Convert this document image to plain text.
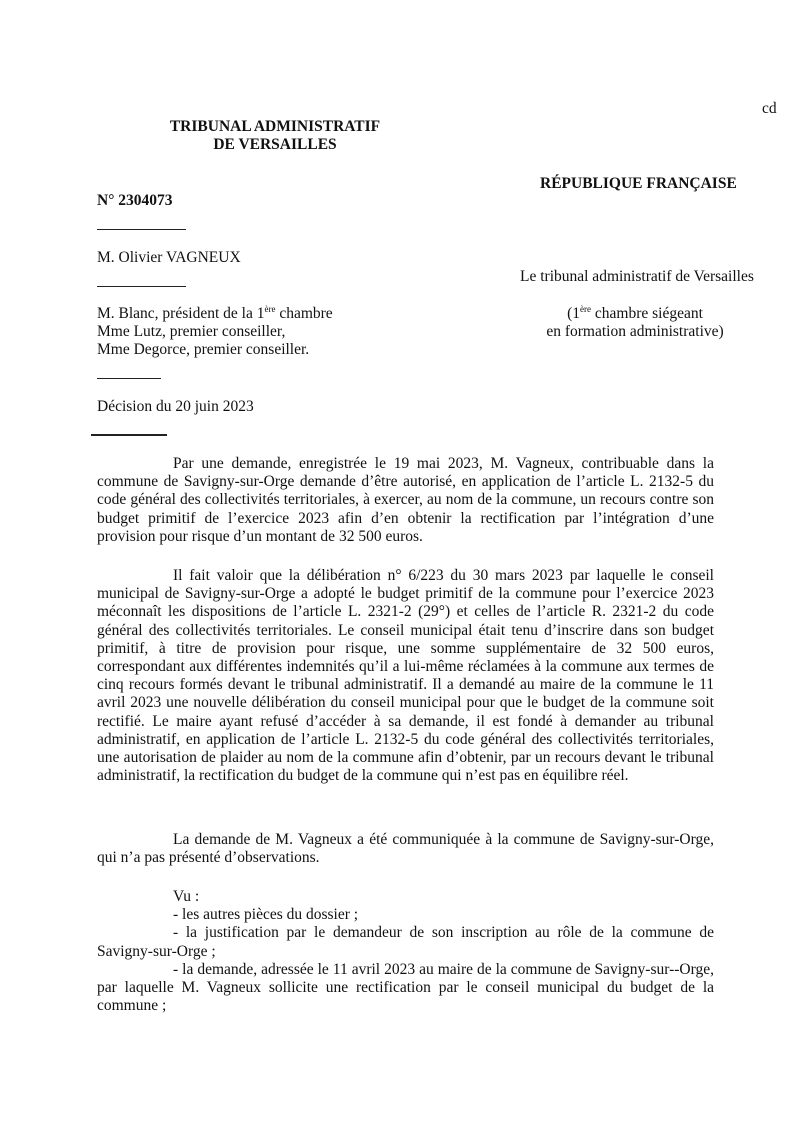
cd
TRIBUNAL ADMINISTRATIF
DE VERSAILLES
RÉPUBLIQUE FRANÇAISE
N° 2304073
M. Olivier VAGNEUX
Le tribunal administratif de Versailles
M. Blanc, président de la 1ère chambre
Mme Lutz, premier conseiller,
Mme Degorce, premier conseiller.
(1ère chambre siégeant
en formation administrative)
Décision du 20 juin 2023

Par une demande, enregistrée le 19 mai 2023, M. Vagneux, contribuable dans la commune de Savigny-sur-Orge demande d’être autorisé, en application de l’article L. 2132-5 du code général des collectivités territoriales, à exercer, au nom de la commune, un recours contre son budget primitif de l’exercice 2023 afin d’en obtenir la rectification par l’intégration d’une provision pour risque d’un montant de 32 500 euros.

Il fait valoir que la délibération n° 6/223 du 30 mars 2023 par laquelle le conseil municipal de Savigny-sur-Orge a adopté le budget primitif de la commune pour l’exercice 2023 méconnaît les dispositions de l’article L. 2321-2 (29°) et celles de l’article R. 2321-2 du code général des collectivités territoriales. Le conseil municipal était tenu d’inscrire dans son budget primitif, à titre de provision pour risque, une somme supplémentaire de 32 500 euros, correspondant aux différentes indemnités qu’il a lui-même réclamées à la commune aux termes de cinq recours formés devant le tribunal administratif. Il a demandé au maire de la commune le 11 avril 2023 une nouvelle délibération du conseil municipal pour que le budget de la commune soit rectifié. Le maire ayant refusé d’accéder à sa demande, il est fondé à demander au tribunal administratif, en application de l’article L. 2132-5 du code général des collectivités territoriales, une autorisation de plaider au nom de la commune afin d’obtenir, par un recours devant le tribunal administratif, la rectification du budget de la commune qui n’est pas en équilibre réel.

La demande de M. Vagneux a été communiquée à la commune de Savigny-sur-Orge, qui n’a pas présenté d’observations.

Vu :
- les autres pièces du dossier ;
- la justification par le demandeur de son inscription au rôle de la commune de Savigny-sur-Orge ;
- la demande, adressée le 11 avril 2023 au maire de la commune de Savigny-sur--Orge, par laquelle M. Vagneux sollicite une rectification par le conseil municipal du budget de la commune ;
